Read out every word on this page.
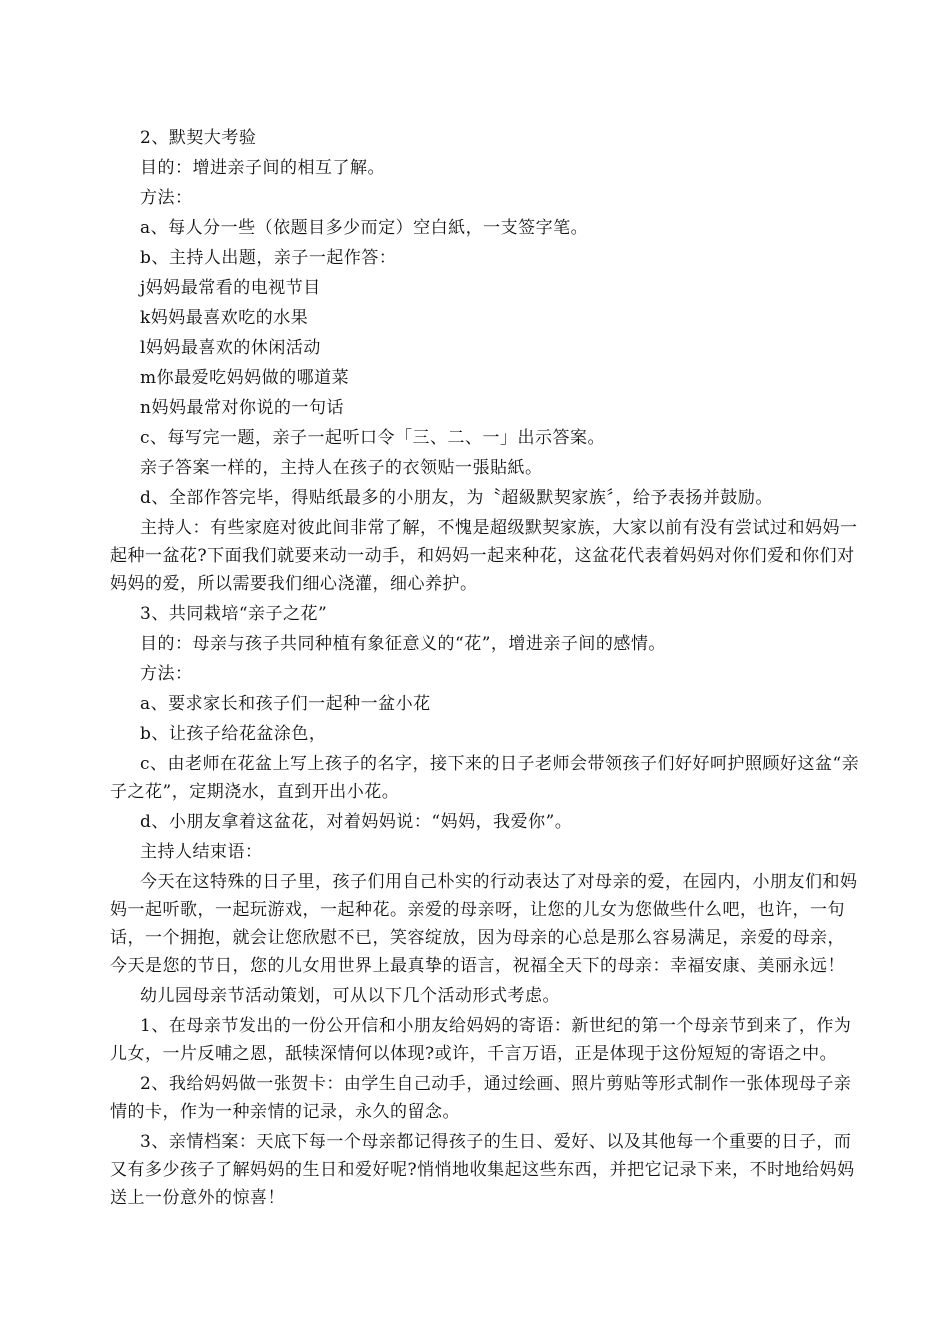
2、默契大考验

目的：增进亲子间的相互了解。

方法：

a、每人分一些（依题目多少而定）空白紙，一支签字笔。

b、主持人出题，亲子一起作答：

j妈妈最常看的电视节目

k妈妈最喜欢吃的水果

l妈妈最喜欢的休闲活动

m你最爱吃妈妈做的哪道菜

n妈妈最常对你说的一句话

c、每写完一题，亲子一起听口令「三、二、一」出示答案。

亲子答案一样的，主持人在孩子的衣领贴一張貼紙。

d、全部作答完毕，得贴纸最多的小朋友，为〝超級默契家族〞，给予表扬并鼓励。

主持人：有些家庭对彼此间非常了解，不愧是超级默契家族，大家以前有没有尝试过和妈妈一起种一盆花?下面我们就要来动一动手，和妈妈一起来种花，这盆花代表着妈妈对你们爱和你们对妈妈的爱，所以需要我们细心浇灌，细心养护。

3、共同栽培“亲子之花”

目的：母亲与孩子共同种植有象征意义的“花”，增进亲子间的感情。

方法：

a、要求家长和孩子们一起种一盆小花

b、让孩子给花盆涂色，

c、由老师在花盆上写上孩子的名字，接下来的日子老师会带领孩子们好好呵护照顾好这盆“亲子之花”，定期浇水，直到开出小花。

d、小朋友拿着这盆花，对着妈妈说：“妈妈，我爱你”。

主持人结束语：

今天在这特殊的日子里，孩子们用自己朴实的行动表达了对母亲的爱，在园内，小朋友们和妈妈一起听歌，一起玩游戏，一起种花。亲爱的母亲呀，让您的儿女为您做些什么吧，也许，一句话，一个拥抱，就会让您欣慰不已，笑容绽放，因为母亲的心总是那么容易满足，亲爱的母亲，今天是您的节日，您的儿女用世界上最真挚的语言，祝福全天下的母亲：幸福安康、美丽永远！

幼儿园母亲节活动策划，可从以下几个活动形式考虑。

1、在母亲节发出的一份公开信和小朋友给妈妈的寄语：新世纪的第一个母亲节到来了，作为儿女，一片反哺之恩，舐犊深情何以体现?或许，千言万语，正是体现于这份短短的寄语之中。

2、我给妈妈做一张贺卡：由学生自己动手，通过绘画、照片剪贴等形式制作一张体现母子亲情的卡，作为一种亲情的记录，永久的留念。

3、亲情档案：天底下每一个母亲都记得孩子的生日、爱好、以及其他每一个重要的日子，而又有多少孩子了解妈妈的生日和爱好呢?悄悄地收集起这些东西，并把它记录下来，不时地给妈妈送上一份意外的惊喜！
